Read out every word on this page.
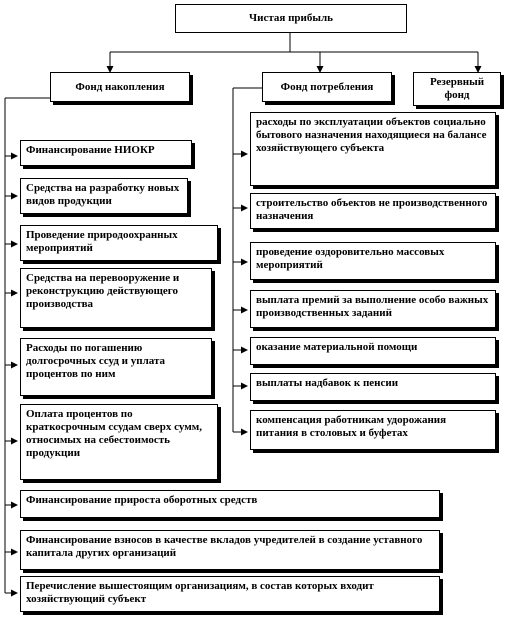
Чистая прибыль
Фонд накопления	Фонд потребления	Резервный фонд
Финансирование НИОКР
Средства на разработку новых видов продукции
Проведение природоохранных мероприятий
Средства на перевооружение и реконструкцию действующего производства
Расходы по погашению долгосрочных ссуд и уплата процентов по ним
Оплата процентов по краткосрочным ссудам сверх сумм, относимых на себестоимость продукции
Финансирование прироста оборотных средств
Финансирование взносов в качестве вкладов учредителей в создание уставного капитала других организаций
Перечисление вышестоящим организациям, в состав которых входит хозяйствующий субъект
расходы по эксплуатации объектов социально бытового назначения находящиеся на балансе хозяйствующего субъекта
строительство объектов не производственного назначения
проведение оздоровительно массовых мероприятий
выплата премий за выполнение особо важных производственных заданий
оказание материальной помощи
выплаты надбавок к пенсии
компенсация работникам удорожания питания в столовых и буфетах
